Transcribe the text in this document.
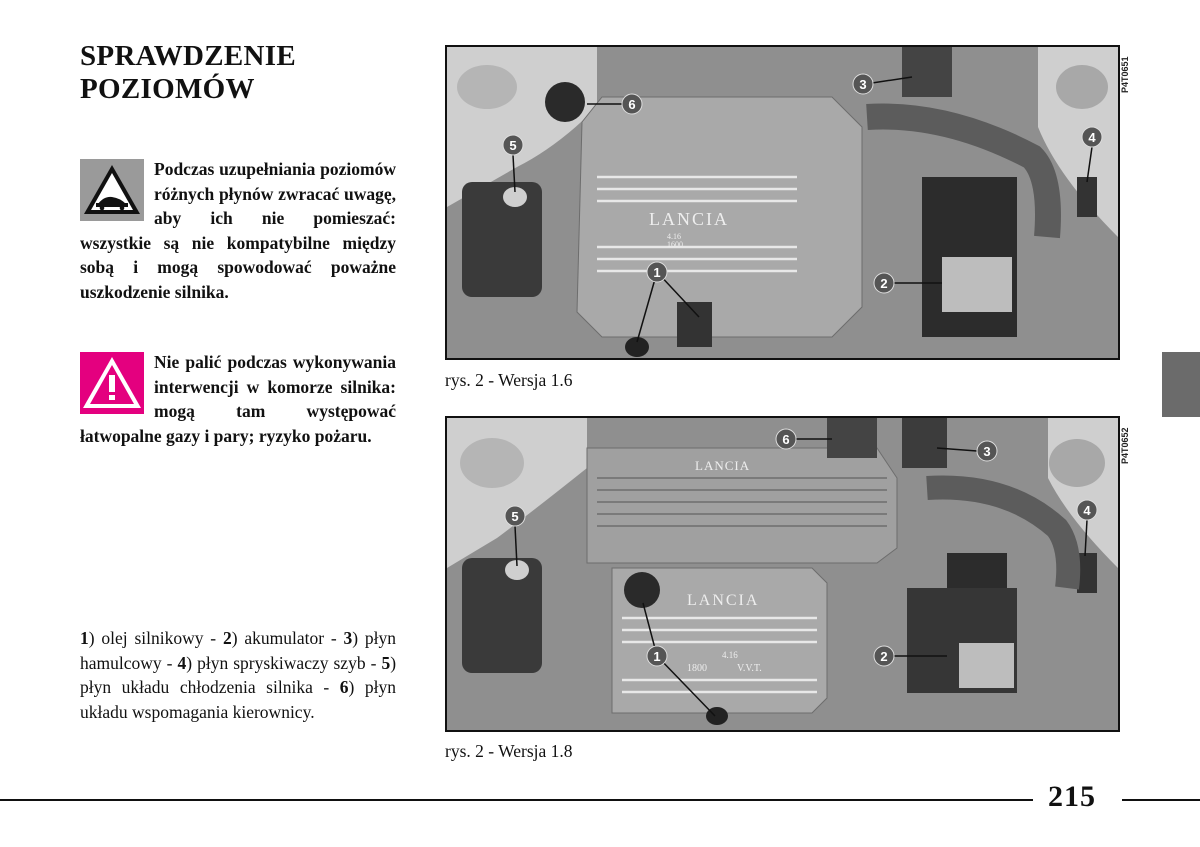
SPRAWDZENIE
POZIOMÓW
Podczas uzupełniania poziomów różnych płynów zwracać uwagę, aby ich nie pomieszać: wszystkie są nie kompatybilne między sobą i mogą spowodować poważne uszkodzenie silnika.
Nie palić podczas wykonywania interwencji w komorze silnika: mogą tam występować łatwopalne gazy i pary; ryzyko pożaru.
1) olej silnikowy - 2) akumulator - 3) płyn hamulcowy - 4) płyn spryskiwaczy szyb - 5) płyn układu chłodzenia silnika - 6) płyn układu wspomagania kierownicy.
LANCIA
4.16
1600
1
2
3
4
5
6
P4T0651
rys. 2 - Wersja 1.6
LANCIA
LANCIA
4.16
1800	V.V.T.
1	2
3
4
5
6	P4T0652
rys. 2 - Wersja 1.8
215
